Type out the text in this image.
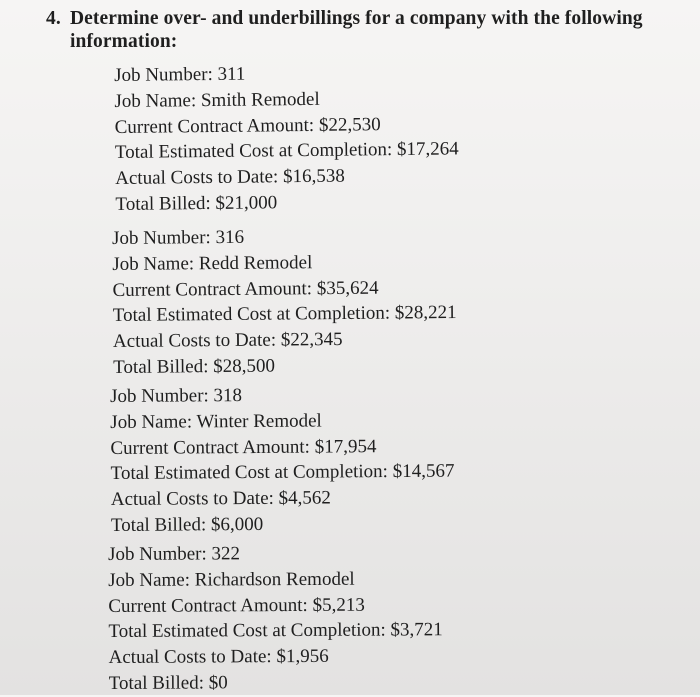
4. Determine over- and underbillings for a company with the following
information:
Job Number: 311
Job Name: Smith Remodel
Current Contract Amount: $22,530
Total Estimated Cost at Completion: $17,264
Actual Costs to Date: $16,538
Total Billed: $21,000
Job Number: 316
Job Name: Redd Remodel
Current Contract Amount: $35,624
Total Estimated Cost at Completion: $28,221
Actual Costs to Date: $22,345
Total Billed: $28,500
Job Number: 318
Job Name: Winter Remodel
Current Contract Amount: $17,954
Total Estimated Cost at Completion: $14,567
Actual Costs to Date: $4,562
Total Billed: $6,000
Job Number: 322
Job Name: Richardson Remodel
Current Contract Amount: $5,213
Total Estimated Cost at Completion: $3,721
Actual Costs to Date: $1,956
Total Billed: $0
